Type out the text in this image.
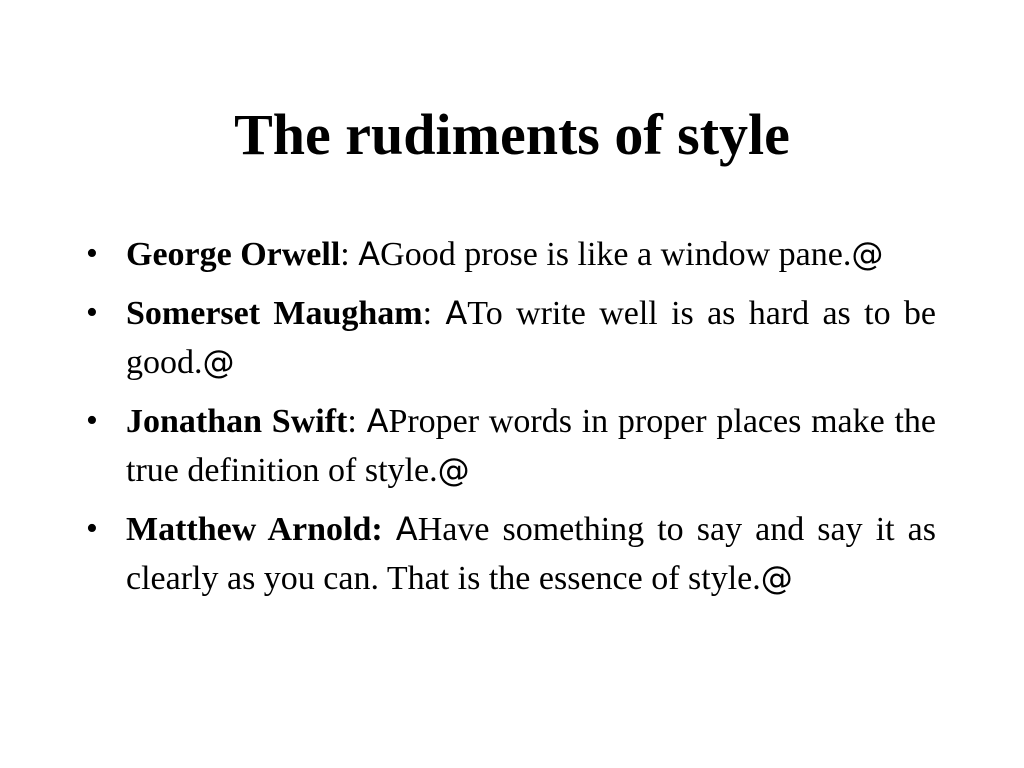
The rudiments of style
• George Orwell: AGood prose is like a window pane.@
• Somerset Maugham: ATo write well is as hard as to be good.@
• Jonathan Swift: AProper words in proper places make the true definition of style.@
• Matthew Arnold: AHave something to say and say it as clearly as you can. That is the essence of style.@
